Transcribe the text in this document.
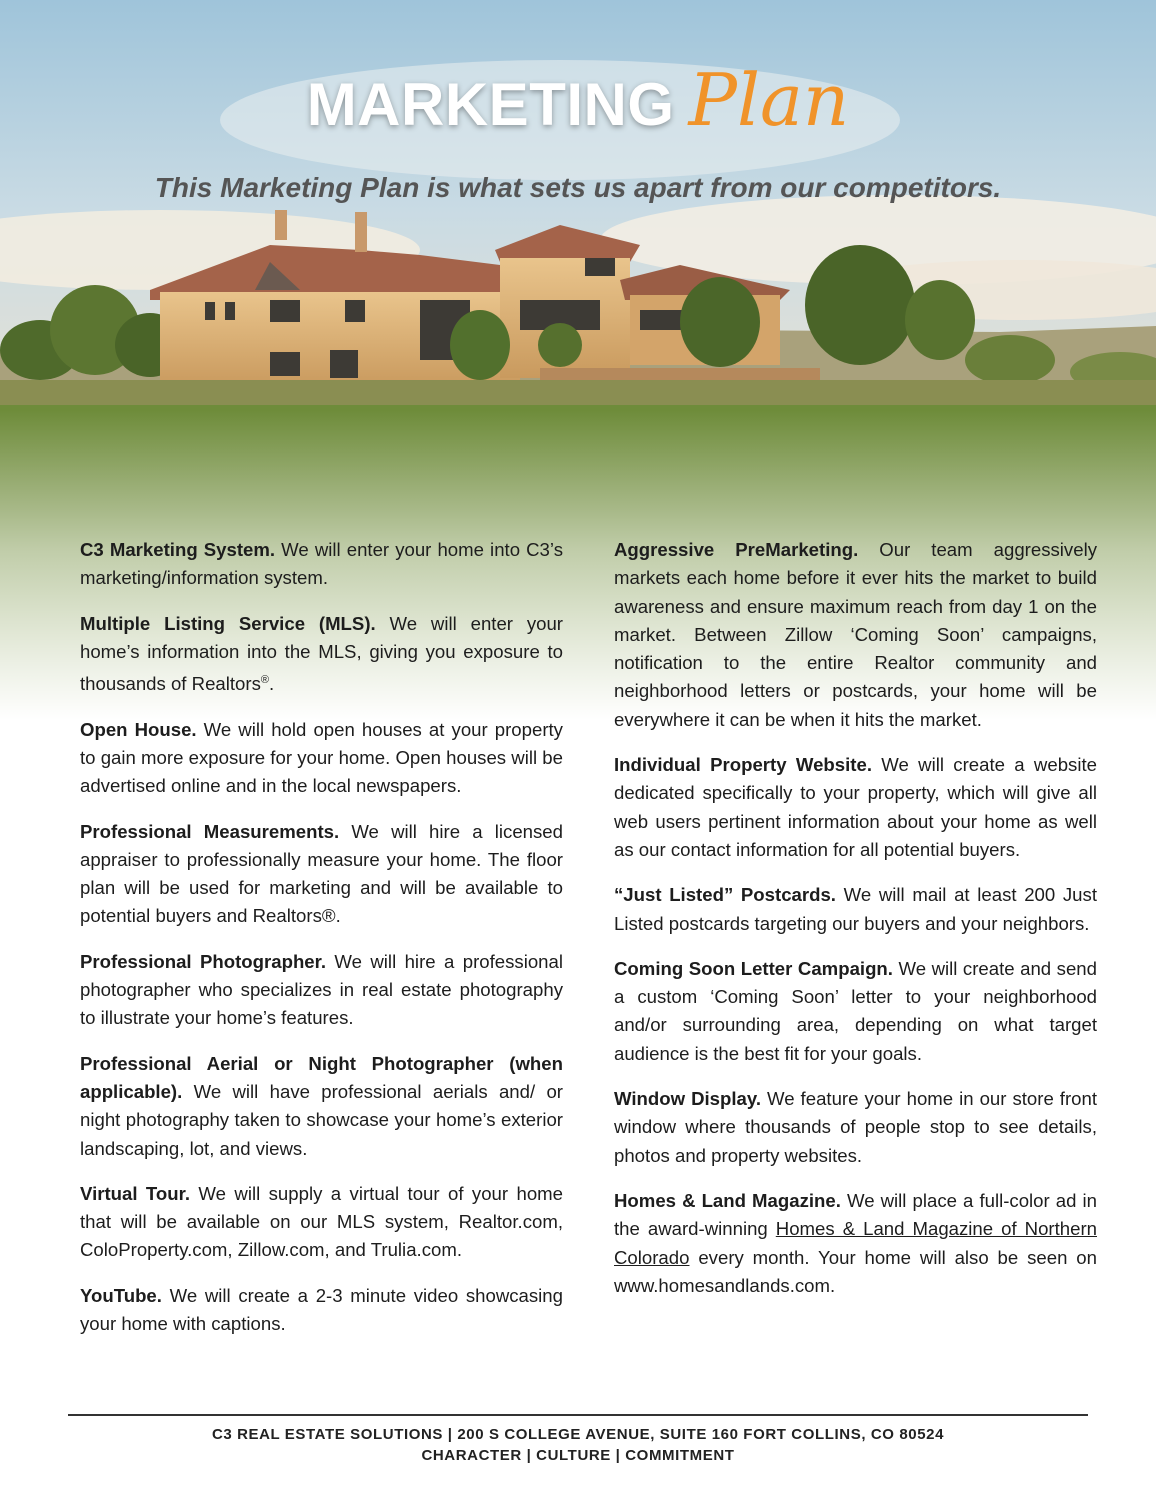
MARKETING Plan
This Marketing Plan is what sets us apart from our competitors.

C3 Marketing System. We will enter your home into C3’s marketing/information system.

Multiple Listing Service (MLS). We will enter your home’s information into the MLS, giving you exposure to thousands of Realtors®.

Open House. We will hold open houses at your property to gain more exposure for your home. Open houses will be advertised online and in the local newspapers.

Professional Measurements. We will hire a licensed appraiser to professionally measure your home. The floor plan will be used for marketing and will be available to potential buyers and Realtors®.

Professional Photographer. We will hire a professional photographer who specializes in real estate photography to illustrate your home’s features.

Professional Aerial or Night Photographer (when applicable). We will have professional aerials and/ or night photography taken to showcase your home’s exterior landscaping, lot, and views.

Virtual Tour. We will supply a virtual tour of your home that will be available on our MLS system, Realtor.com, ColoProperty.com, Zillow.com, and Trulia.com.

YouTube. We will create a 2-3 minute video showcasing your home with captions.

Aggressive PreMarketing. Our team aggressively markets each home before it ever hits the market to build awareness and ensure maximum reach from day 1 on the market. Between Zillow ‘Coming Soon’ campaigns, notification to the entire Realtor community and neighborhood letters or postcards, your home will be everywhere it can be when it hits the market.

Individual Property Website. We will create a website dedicated specifically to your property, which will give all web users pertinent information about your home as well as our contact information for all potential buyers.

“Just Listed” Postcards. We will mail at least 200 Just Listed postcards targeting our buyers and your neighbors.

Coming Soon Letter Campaign. We will create and send a custom ‘Coming Soon’ letter to your neighborhood and/or surrounding area, depending on what target audience is the best fit for your goals.

Window Display. We feature your home in our store front window where thousands of people stop to see details, photos and property websites.

Homes & Land Magazine. We will place a full-color ad in the award-winning Homes & Land Magazine of Northern Colorado every month. Your home will also be seen on www.homesandlands.com.

C3 REAL ESTATE SOLUTIONS | 200 S COLLEGE AVENUE, SUITE 160 FORT COLLINS, CO 80524
CHARACTER | CULTURE | COMMITMENT
